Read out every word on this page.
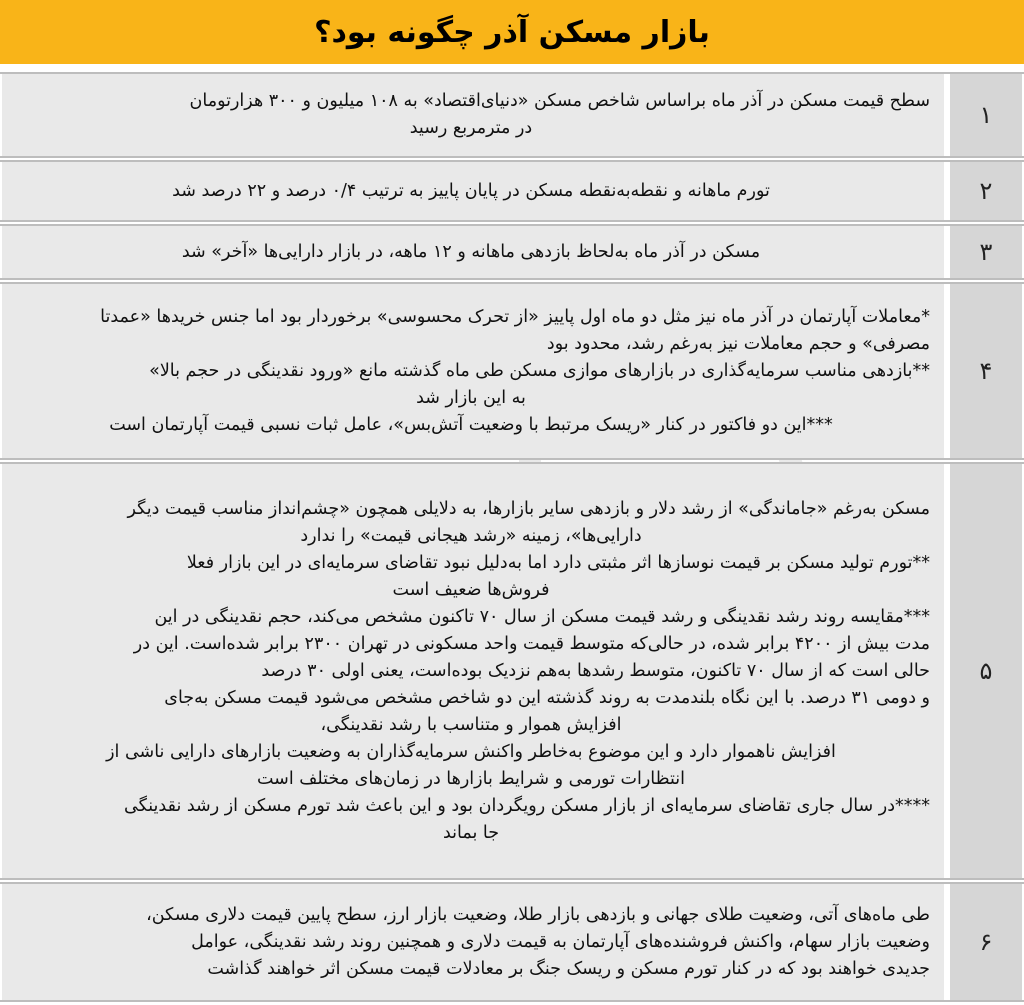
بازار مسکن آذر چگونه بود؟
۱

سطح قیمت مسکن در آذر ماه براساس شاخص مسکن «دنیای‌اقتصاد» به ۱۰۸ میلیون و ۳۰۰ هزار‌تومان

در متر‌مربع رسید

۲

تورم ماهانه و نقطه‌به‌نقطه مسکن در پایان پاییز به ترتیب ۰/۴ درصد و ۲۲ درصد شد

۳

مسکن در آذر ماه به‌لحاظ بازدهی ماهانه و ۱۲ ماهه، در بازار دارایی‌ها «آخر» شد

۴

*معاملات آپارتمان در آذر ماه نیز مثل دو ماه اول پاییز «از تحرک محسوسی» برخوردار بود اما جنس خریدها «عمدتا

مصرفی» و حجم معاملات نیز به‌رغم رشد، محدود بود

**بازدهی مناسب سرمایه‌گذاری در بازارهای موازی مسکن طی ماه گذشته مانع «ورود نقدینگی در حجم بالا»

به این بازار شد

***این دو فاکتور در کنار «ریسک مرتبط با وضعیت آتش‌بس»، عامل ثبات نسبی قیمت آپارتمان است

۵

مسکن به‌رغم «جاماندگی» از رشد دلار و بازدهی سایر بازارها، به دلایلی همچون «چشم‌انداز مناسب قیمت دیگر

دارایی‌ها»، زمینه «رشد هیجانی قیمت» را ندارد

**تورم تولید مسکن بر قیمت نوسازها اثر مثبتی دارد اما به‌دلیل نبود تقاضای سرمایه‌ای در این بازار فعلا

فروش‌ها ضعیف است

***مقایسه روند رشد نقدینگی و رشد قیمت مسکن از سال ۷۰ تاکنون مشخص می‌کند، حجم نقدینگی در این

مدت بیش از ۴۲۰۰ برابر شده، در حالی‌که متوسط قیمت واحد مسکونی در تهران ۲۳۰۰ برابر شده‌است. این در

حالی است که از سال ۷۰ تاکنون، متوسط رشدها به‌هم نزدیک بوده‌است، یعنی اولی ۳۰ درصد

و دومی ۳۱ درصد. با این نگاه بلندمدت به روند گذشته این دو شاخص مشخص می‌شود قیمت مسکن به‌جای

افزایش هموار و متناسب با رشد نقدینگی،

افزایش ناهموار دارد و این موضوع به‌خاطر واکنش سرمایه‌گذاران به وضعیت بازارهای دارایی ناشی از

انتظارات تورمی و شرایط بازارها در زمان‌های مختلف است

****در سال جاری تقاضای سرمایه‌ای از بازار مسکن رویگردان بود و این باعث شد تورم مسکن از رشد نقدینگی

جا بماند

۶

طی ماه‌های آتی، وضعیت طلای جهانی و بازدهی بازار طلا، وضعیت بازار ارز، سطح پایین قیمت دلاری مسکن،

وضعیت بازار سهام، واکنش فروشنده‌های آپارتمان به قیمت دلاری و همچنین روند رشد نقدینگی، عوامل

جدیدی خواهند بود که در کنار تورم مسکن و ریسک جنگ بر معادلات قیمت مسکن اثر خواهند گذاشت
